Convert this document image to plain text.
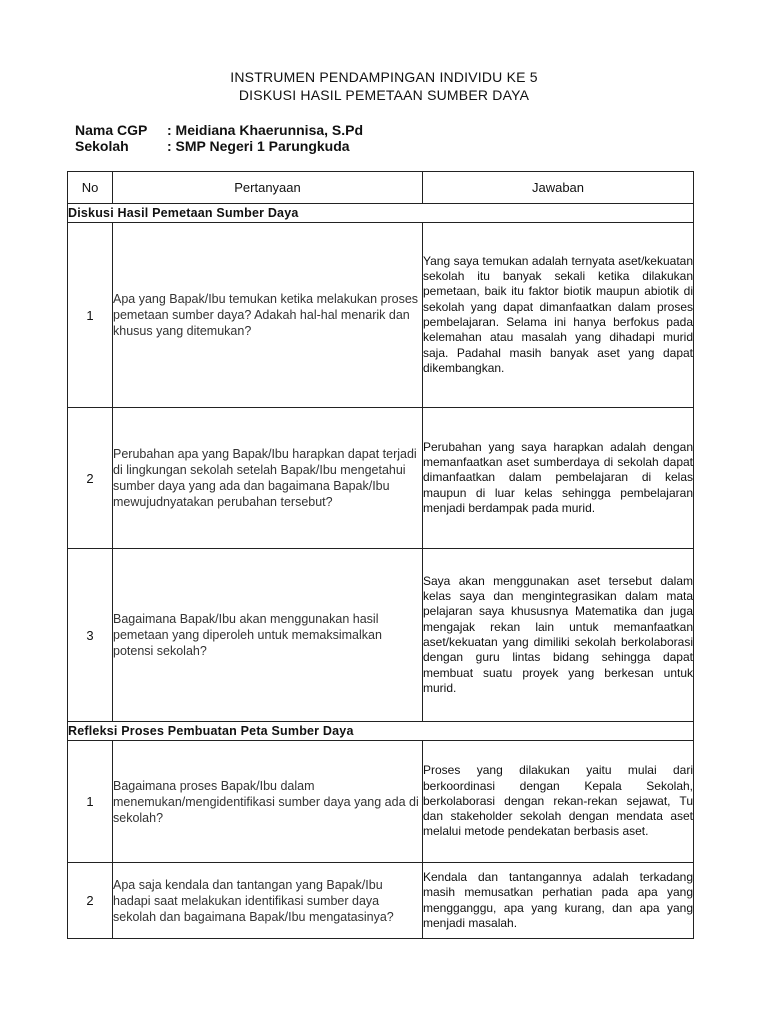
INSTRUMEN PENDAMPINGAN INDIVIDU KE 5
DISKUSI HASIL PEMETAAN SUMBER DAYA
Nama CGP : Meidiana Khaerunnisa, S.Pd
Sekolah	: SMP Negeri 1 Parungkuda
No	Pertanyaan	Jawaban
Diskusi Hasil Pemetaan Sumber Daya		
1	Apa yang Bapak/Ibu temukan ketika melakukan proses pemetaan sumber daya? Adakah hal-hal menarik dan khusus yang ditemukan?	Yang saya temukan adalah ternyata aset/kekuatan sekolah itu banyak sekali ketika dilakukan pemetaan, baik itu faktor biotik maupun abiotik di sekolah yang dapat dimanfaatkan dalam proses pembelajaran. Selama ini hanya berfokus pada kelemahan atau masalah yang dihadapi murid saja. Padahal masih banyak aset yang dapat dikembangkan.
2	Perubahan apa yang Bapak/Ibu harapkan dapat terjadi di lingkungan sekolah setelah Bapak/Ibu mengetahui sumber daya yang ada dan bagaimana Bapak/Ibu mewujudnyatakan perubahan tersebut?	Perubahan yang saya harapkan adalah dengan memanfaatkan aset sumberdaya di sekolah dapat dimanfaatkan dalam pembelajaran di kelas maupun di luar kelas sehingga pembelajaran menjadi berdampak pada murid.
3	Bagaimana Bapak/Ibu akan menggunakan hasil pemetaan yang diperoleh untuk memaksimalkan potensi sekolah?	Saya akan menggunakan aset tersebut dalam kelas saya dan mengintegrasikan dalam mata pelajaran saya khususnya Matematika dan juga mengajak rekan lain untuk memanfaatkan aset/kekuatan yang dimiliki sekolah berkolaborasi dengan guru lintas bidang sehingga dapat membuat suatu proyek yang berkesan untuk murid.
Refleksi Proses Pembuatan Peta Sumber Daya		
1	Bagaimana proses Bapak/Ibu dalam menemukan/mengidentifikasi sumber daya yang ada di sekolah?	Proses yang dilakukan yaitu mulai dari berkoordinasi dengan Kepala Sekolah, berkolaborasi dengan rekan-rekan sejawat, Tu dan stakeholder sekolah dengan mendata aset melalui metode pendekatan berbasis aset.
2	Apa saja kendala dan tantangan yang Bapak/Ibu hadapi saat melakukan identifikasi sumber daya sekolah dan bagaimana Bapak/Ibu mengatasinya?	Kendala dan tantangannya adalah terkadang masih memusatkan perhatian pada apa yang mengganggu, apa yang kurang, dan apa yang menjadi masalah.
